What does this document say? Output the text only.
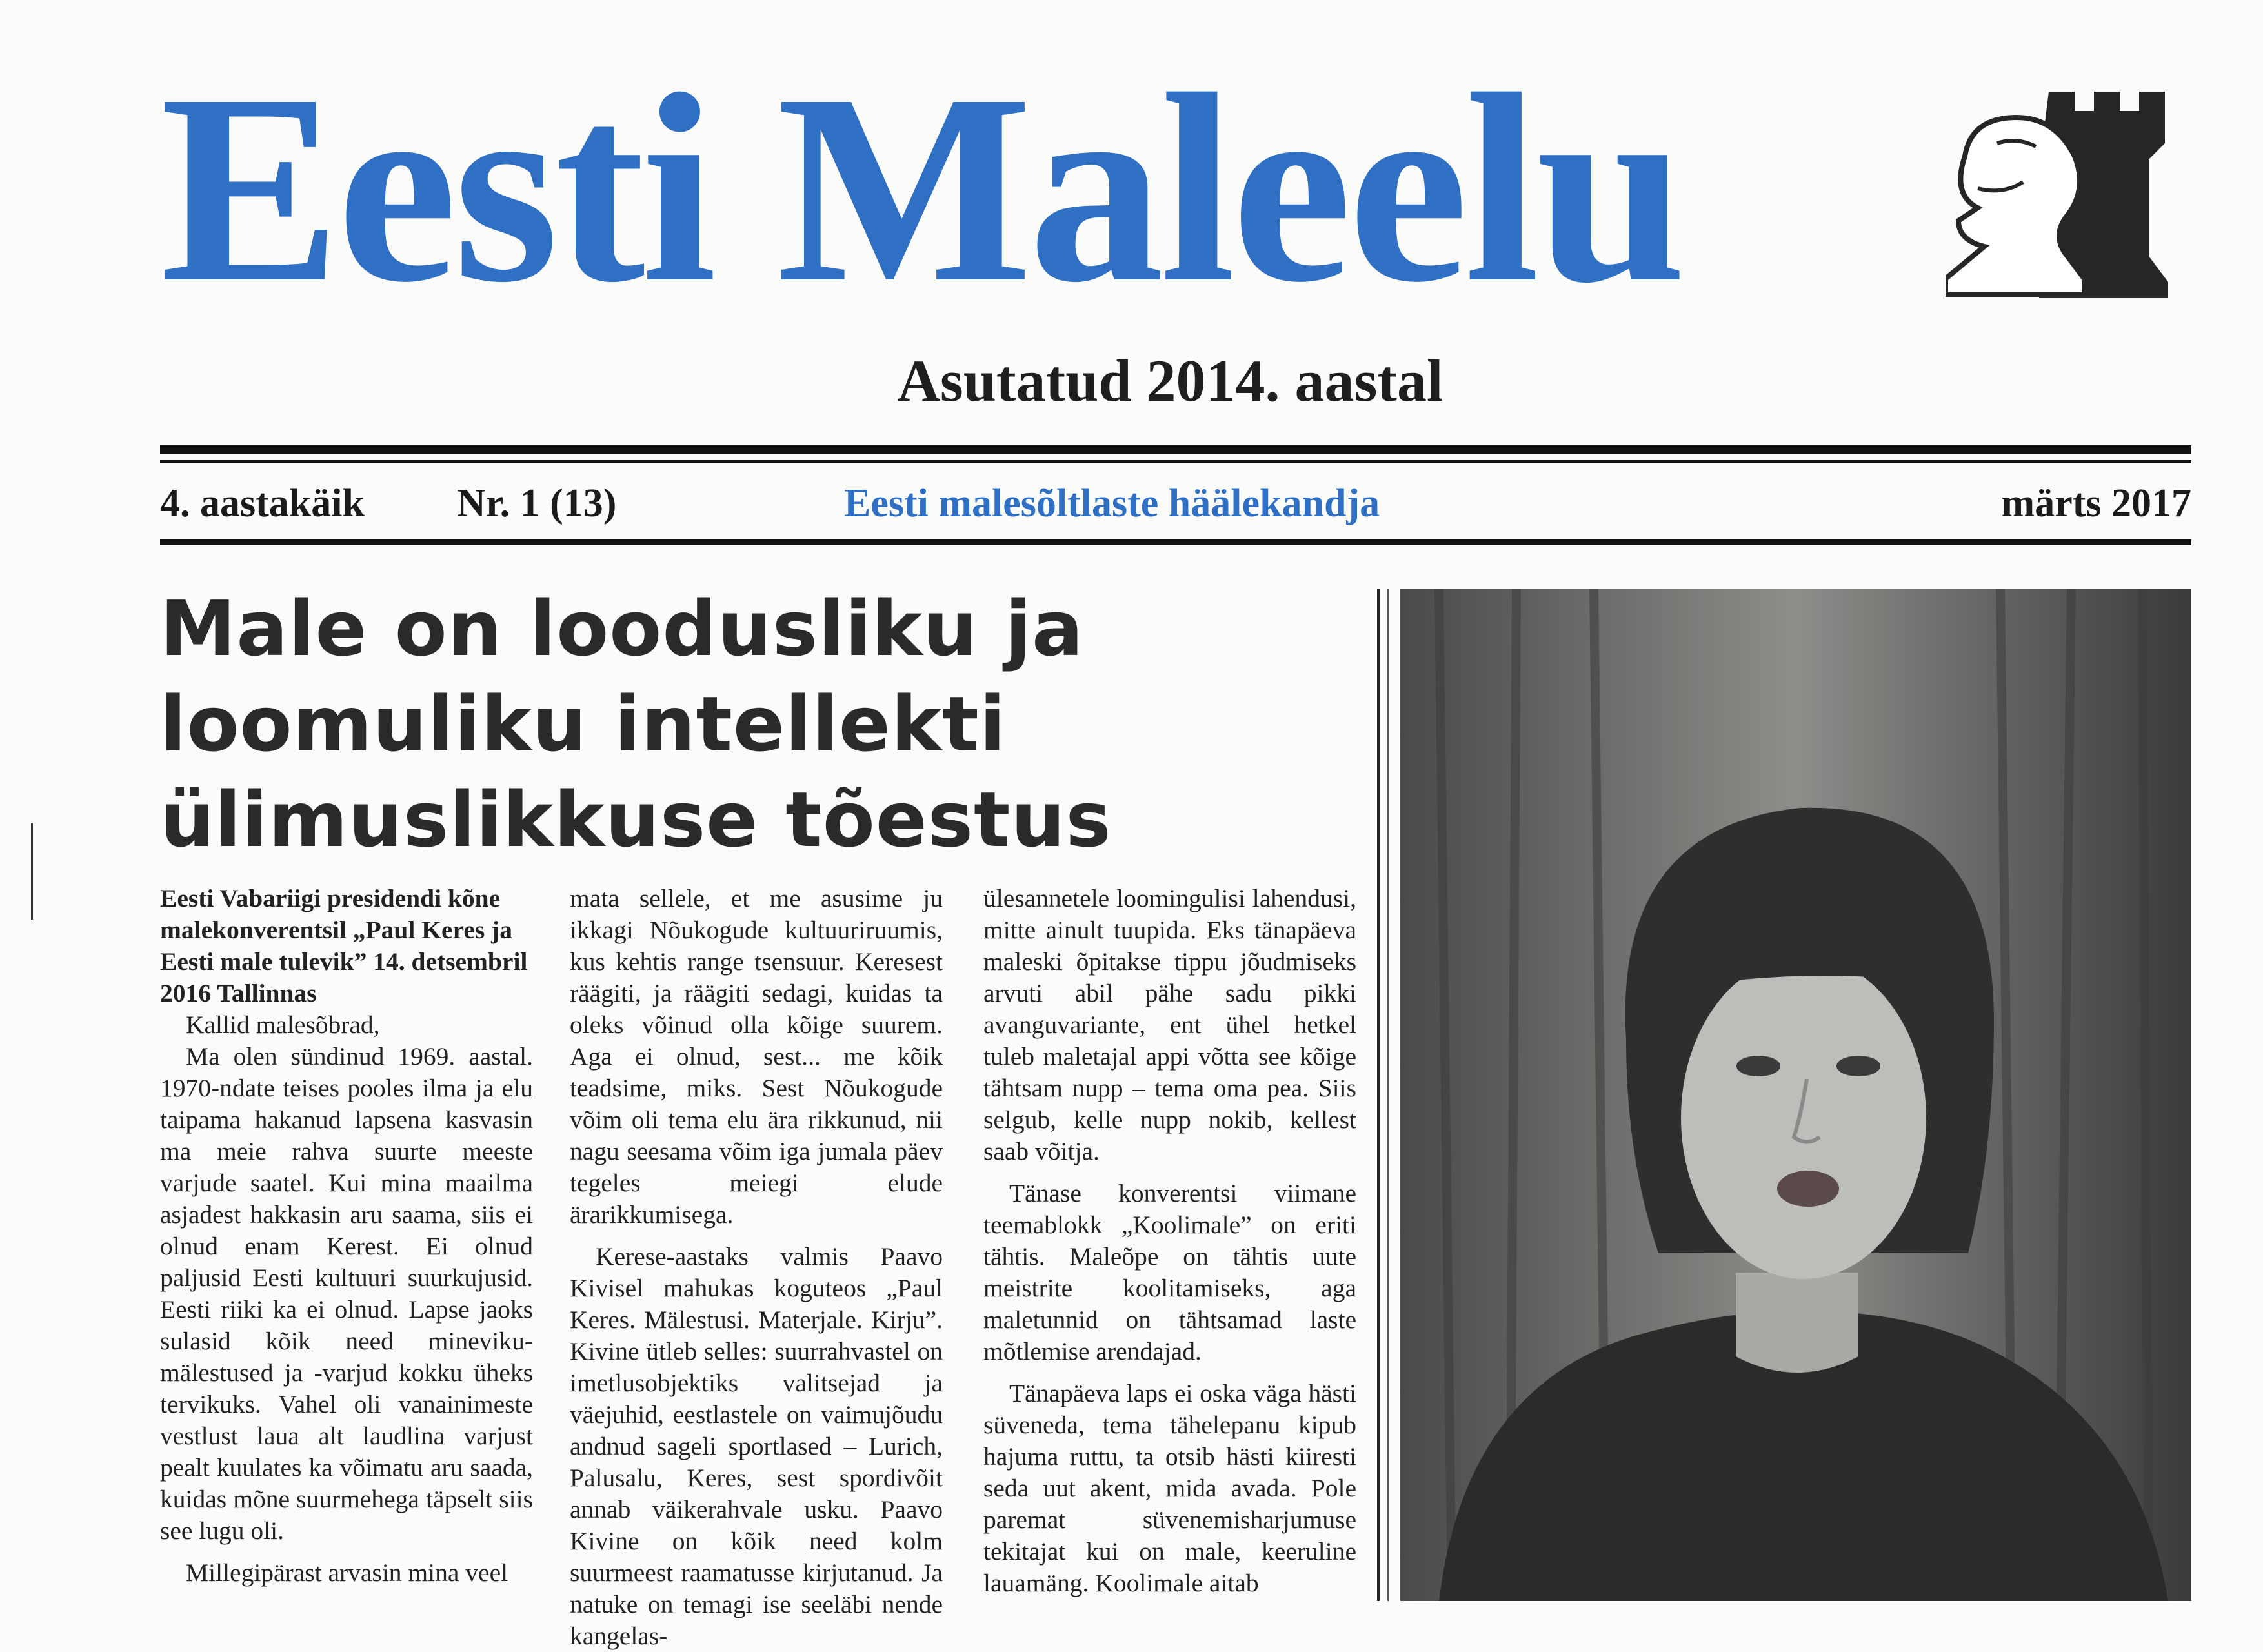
Eesti Maleelu
Asutatud 2014. aastal
4. aastakäik Nr. 1 (13)	Eesti malesõltlaste häälekandja	märts 2017
Male on loodusliku ja
loomuliku intellekti
ülimuslikkuse tõestus

Eesti Vabariigi presidendi kõne malekonverentsil „Paul Keres ja Eesti male tulevik” 14. detsembril 2016 Tallinnas

Kallid malesõbrad,

Ma olen sündinud 1969. aastal. 1970-ndate teises pooles ilma ja elu taipama hakanud lapsena kasvasin ma meie rahva suurte meeste varjude saatel. Kui mina maailma asjadest hakkasin aru saama, siis ei olnud enam Kerest. Ei olnud paljusid Eesti kultuuri suurkujusid. Eesti riiki ka ei olnud. Lapse jaoks sulasid kõik need mineviku-mälestused ja -varjud kokku üheks tervikuks. Vahel oli vanainimeste vestlust laua alt laudlina varjust pealt kuulates ka võimatu aru saada, kuidas mõne suurmehega täpselt siis see lugu oli.

Millegipärast arvasin mina veel

mata sellele, et me asusime ju ikkagi Nõukogude kultuuriruumis, kus kehtis range tsensuur. Keresest räägiti, ja räägiti sedagi, kuidas ta oleks võinud olla kõige suurem. Aga ei olnud, sest... me kõik teadsime, miks. Sest Nõukogude võim oli tema elu ära rikkunud, nii nagu seesama võim iga jumala päev tegeles meiegi elude ärarikkumisega.

Kerese-aastaks valmis Paavo Kivisel mahukas koguteos „Paul Keres. Mälestusi. Materjale. Kirju”. Kivine ütleb selles: suurrahvastel on imetlusobjektiks valitsejad ja väejuhid, eestlastele on vaimujõudu andnud sageli sportlased – Lurich, Palusalu, Keres, sest spordivõit annab väikerahvale usku. Paavo Kivine on kõik need kolm suurmeest raamatusse kirjutanud. Ja natuke on temagi ise seeläbi nende kangelas-

ülesannetele loomingulisi lahendusi, mitte ainult tuupida. Eks tänapäeva maleski õpitakse tippu jõudmiseks arvuti abil pähe sadu pikki avanguvariante, ent ühel hetkel tuleb maletajal appi võtta see kõige tähtsam nupp – tema oma pea. Siis selgub, kelle nupp nokib, kellest saab võitja.

Tänase konverentsi viimane teemablokk „Koolimale” on eriti tähtis. Maleõpe on tähtis uute meistrite koolitamiseks, aga maletunnid on tähtsamad laste mõtlemise arendajad.

Tänapäeva laps ei oska väga hästi süveneda, tema tähelepanu kipub hajuma ruttu, ta otsib hästi kiiresti seda uut akent, mida avada. Pole paremat süvenemisharjumuse tekitajat kui on male, keeruline lauamäng. Koolimale aitab
